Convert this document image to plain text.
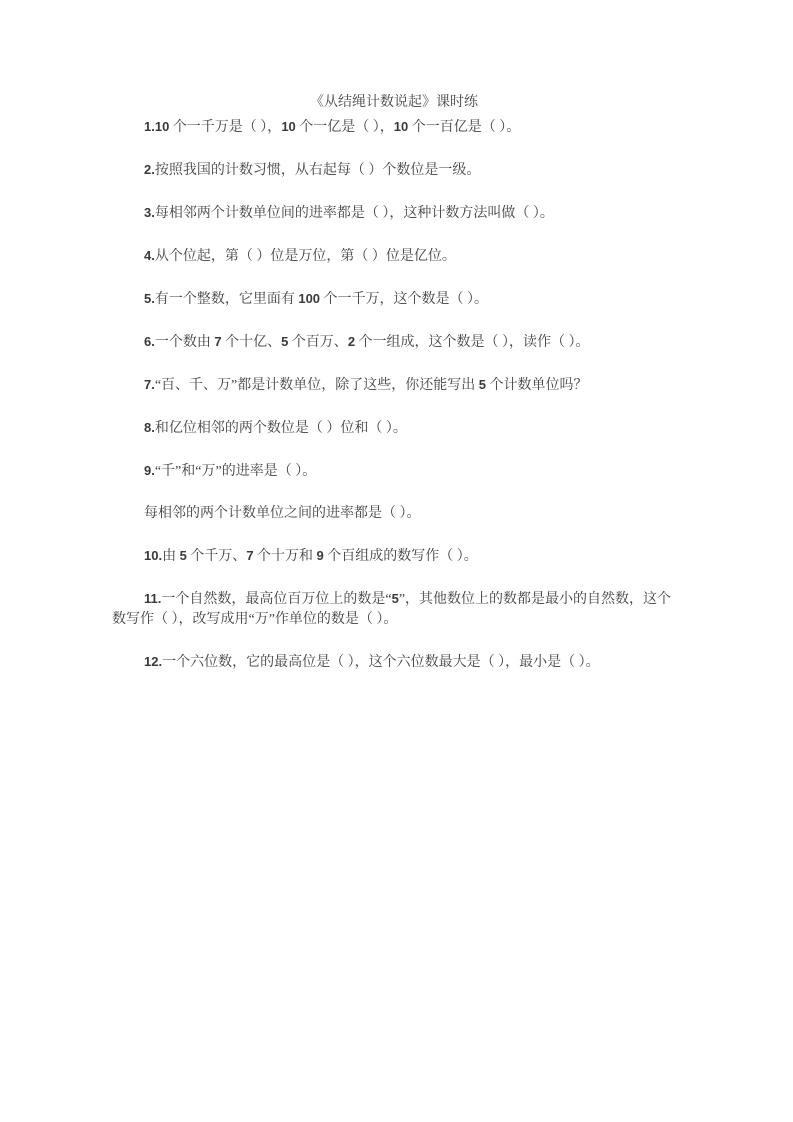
《从结绳计数说起》课时练

1.10 个一千万是（ ），10 个一亿是（ ），10 个一百亿是（ ）。

2.按照我国的计数习惯，从右起每（ ）个数位是一级。

3.每相邻两个计数单位间的进率都是（ ），这种计数方法叫做（ ）。

4.从个位起，第（ ）位是万位，第（ ）位是亿位。

5.有一个整数，它里面有 100 个一千万，这个数是（ ）。

6.一个数由 7 个十亿、5 个百万、2 个一组成，这个数是（ ），读作（ ）。

7.“百、千、万”都是计数单位，除了这些，你还能写出 5 个计数单位吗？

8.和亿位相邻的两个数位是（ ）位和（ ）。

9.“千”和“万”的进率是（ ）。

每相邻的两个计数单位之间的进率都是（ ）。

10.由 5 个千万、7 个十万和 9 个百组成的数写作（ ）。

11.一个自然数，最高位百万位上的数是“5”，其他数位上的数都是最小的自然数，这个数写作（ ），改写成用“万”作单位的数是（ ）。

12.一个六位数，它的最高位是（ ），这个六位数最大是（ ），最小是（ ）。
